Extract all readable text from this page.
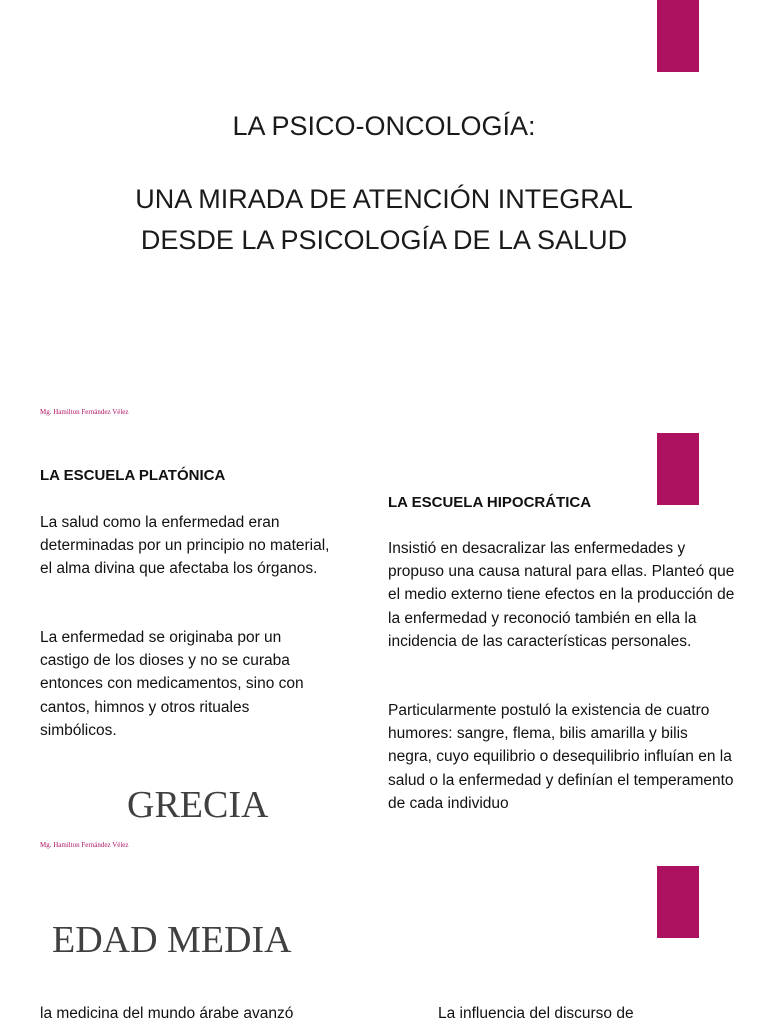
LA PSICO-ONCOLOGÍA:
UNA MIRADA DE ATENCIÓN INTEGRAL
DESDE LA PSICOLOGÍA DE LA SALUD
Mg. Hamilton Fernández Vélez
LA ESCUELA PLATÓNICA

La salud como la enfermedad eran determinadas por un principio no material, el alma divina que afectaba los órganos.

La enfermedad se originaba por un castigo de los dioses y no se curaba entonces con medicamentos, sino con cantos, himnos y otros rituales simbólicos.

GRECIA
LA ESCUELA HIPOCRÁTICA

Insistió en desacralizar las enfermedades y propuso una causa natural para ellas. Planteó que el medio externo tiene efectos en la producción de la enfermedad y reconoció también en ella la incidencia de las características personales.

Particularmente postuló la existencia de cuatro humores: sangre, flema, bilis amarilla y bilis negra, cuyo equilibrio o desequilibrio influían en la salud o la enfermedad y definían el temperamento de cada individuo

Mg. Hamilton Fernández Vélez
EDAD MEDIA
la medicina del mundo árabe avanzó	La influencia del discurso de
